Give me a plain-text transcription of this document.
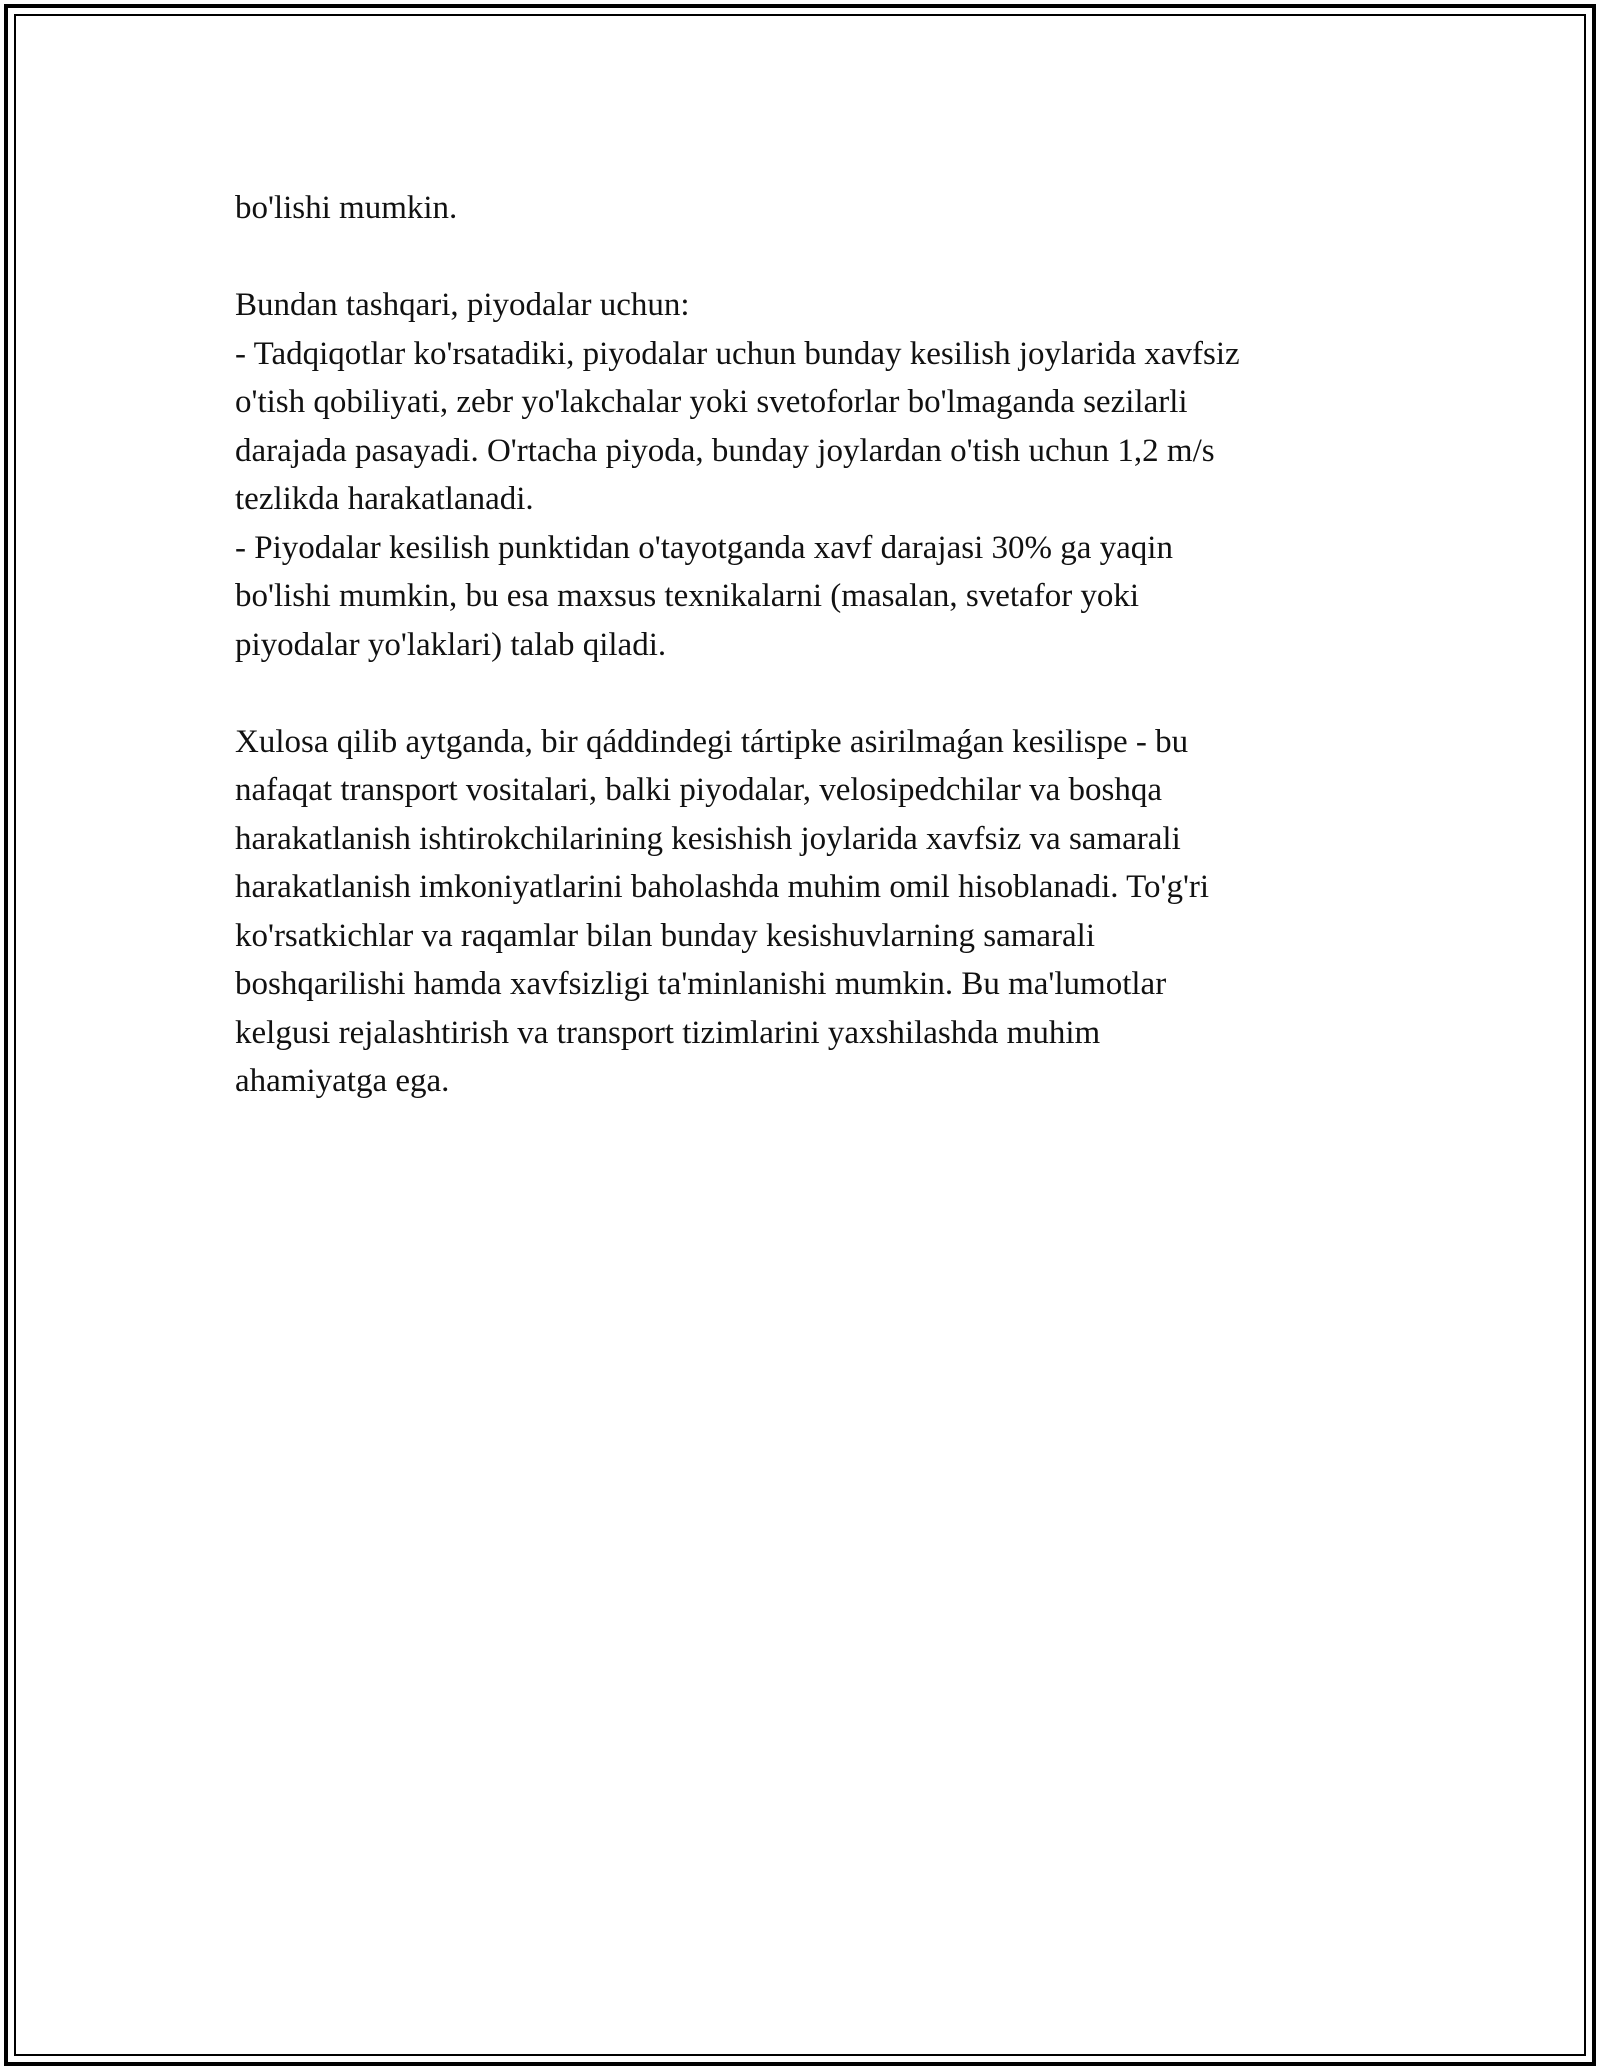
bo'lishi mumkin.

Bundan tashqari, piyodalar uchun:
- Tadqiqotlar ko'rsatadiki, piyodalar uchun bunday kesilish joylarida xavfsiz
o'tish qobiliyati, zebr yo'lakchalar yoki svetoforlar bo'lmaganda sezilarli
darajada pasayadi. O'rtacha piyoda, bunday joylardan o'tish uchun 1,2 m/s
tezlikda harakatlanadi.
- Piyodalar kesilish punktidan o'tayotganda xavf darajasi 30% ga yaqin
bo'lishi mumkin, bu esa maxsus texnikalarni (masalan, svetafor yoki
piyodalar yo'laklari) talab qiladi.

Xulosa qilib aytganda, bir qáddindegi tártipke asirilmaǵan kesilispe - bu
nafaqat transport vositalari, balki piyodalar, velosipedchilar va boshqa
harakatlanish ishtirokchilarining kesishish joylarida xavfsiz va samarali
harakatlanish imkoniyatlarini baholashda muhim omil hisoblanadi. To'g'ri
ko'rsatkichlar va raqamlar bilan bunday kesishuvlarning samarali
boshqarilishi hamda xavfsizligi ta'minlanishi mumkin. Bu ma'lumotlar
kelgusi rejalashtirish va transport tizimlarini yaxshilashda muhim
ahamiyatga ega.
